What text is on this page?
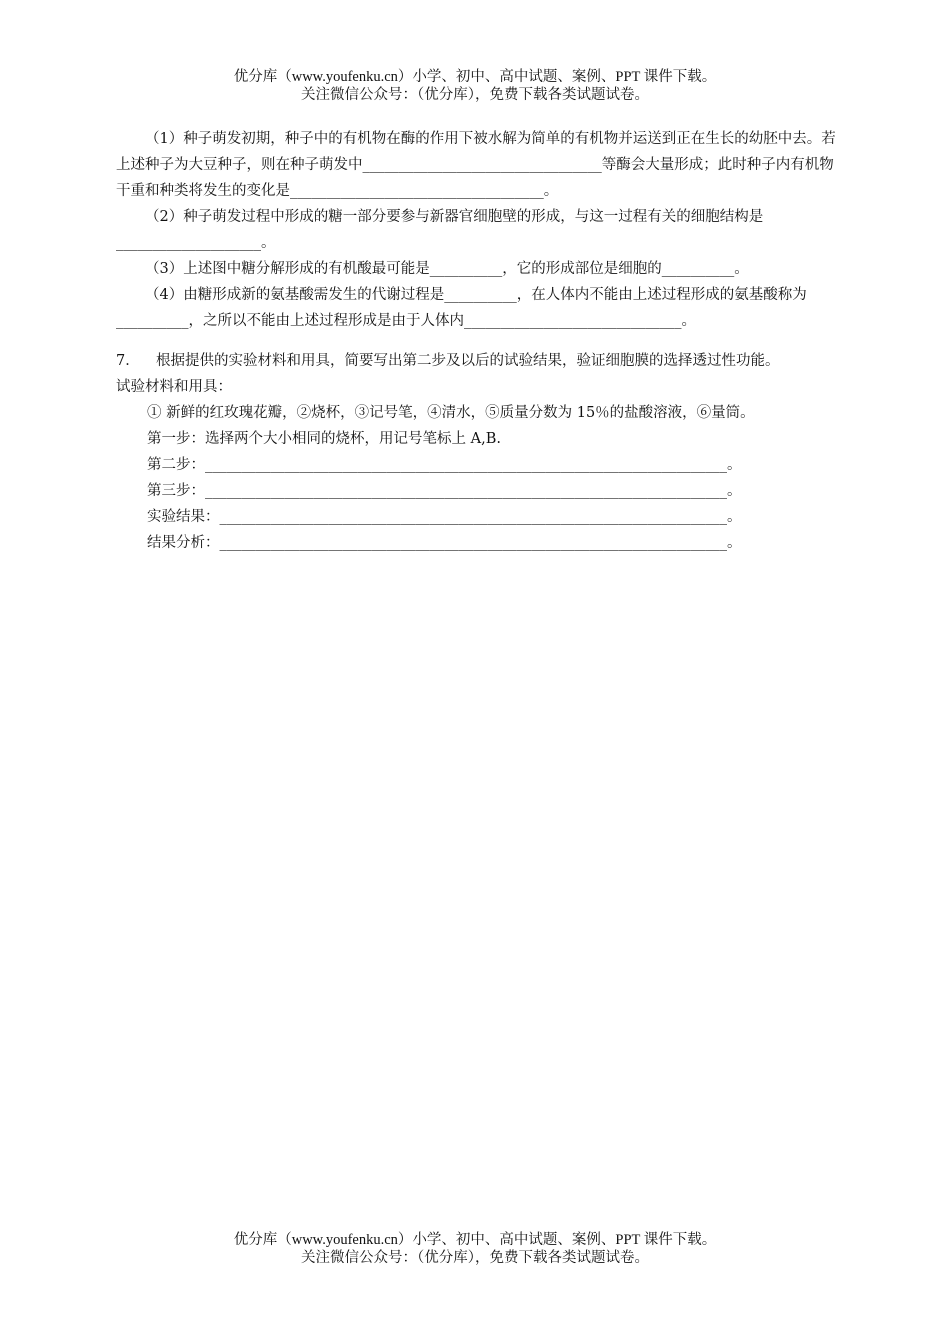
优分库（www.youfenku.cn）小学、初中、高中试题、案例、PPT 课件下载。
关注微信公众号：（优分库），免费下载各类试题试卷。

（1）种子萌发初期，种子中的有机物在酶的作用下被水解为简单的有机物并运送到正在生长的幼胚中去。若上述种子为大豆种子，则在种子萌发中_________________________________等酶会大量形成；此时种子内有机物干重和种类将发生的变化是___________________________________。

（2）种子萌发过程中形成的糖一部分要参与新器官细胞壁的形成，与这一过程有关的细胞结构是____________________。

（3）上述图中糖分解形成的有机酸最可能是__________，它的形成部位是细胞的__________。

（4）由糖形成新的氨基酸需发生的代谢过程是__________，在人体内不能由上述过程形成的氨基酸称为__________，之所以不能由上述过程形成是由于人体内______________________________。

7． 根据提供的实验材料和用具，简要写出第二步及以后的试验结果，验证细胞膜的选择透过性功能。

试验材料和用具：

① 新鲜的红玫瑰花瓣，②烧杯，③记号笔，④清水，⑤质量分数为 15％的盐酸溶液，⑥量筒。

第一步：选择两个大小相同的烧杯，用记号笔标上 A,B.

第二步：________________________________________________________________________。

第三步：________________________________________________________________________。

实验结果：______________________________________________________________________。

结果分析：______________________________________________________________________。

优分库（www.youfenku.cn）小学、初中、高中试题、案例、PPT 课件下载。
关注微信公众号：（优分库），免费下载各类试题试卷。
